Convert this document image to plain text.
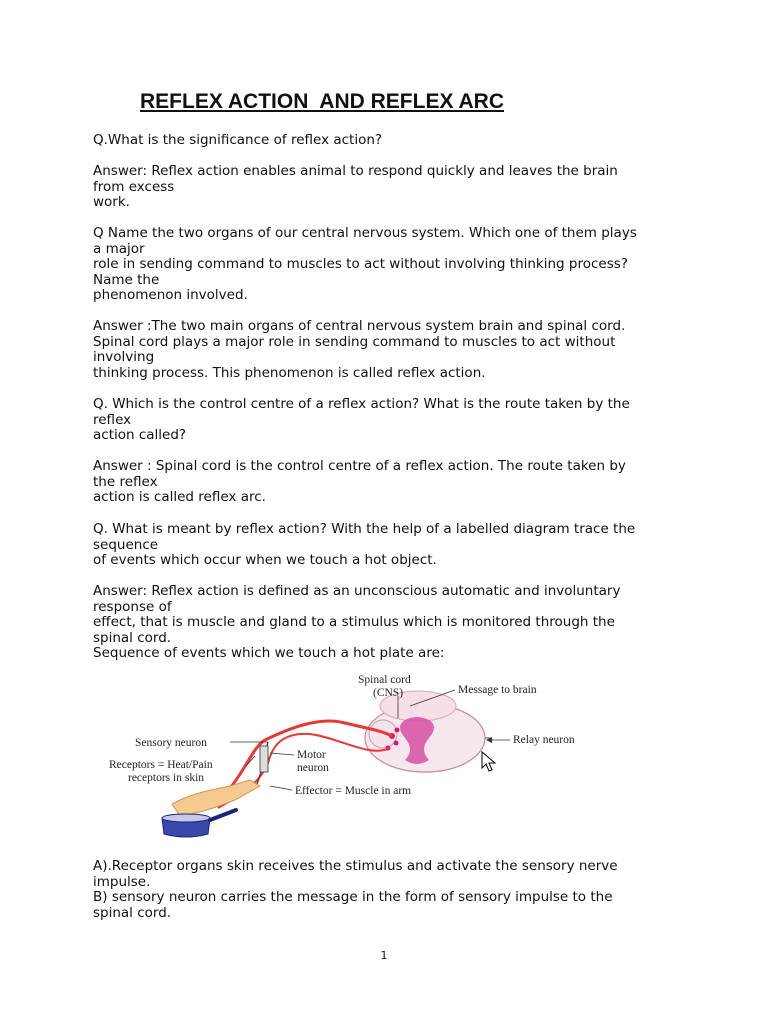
REFLEX ACTION  AND REFLEX ARC
Q.What is the significance of reflex action?
Answer: Reflex action enables animal to respond quickly and leaves the brain
from excess
work.
Q Name the two organs of our central nervous system. Which one of them plays
a major
role in sending command to muscles to act without involving thinking process?
Name the
phenomenon involved.
Answer :The two main organs of central nervous system brain and spinal cord.
Spinal cord plays a major role in sending command to muscles to act without
involving
thinking process. This phenomenon is called reflex action.
Q. Which is the control centre of a reflex action? What is the route taken by the
reflex
action called?
Answer : Spinal cord is the control centre of a reflex action. The route taken by
the reflex
action is called reflex arc.
Q. What is meant by reflex action? With the help of a labelled diagram trace the
sequence
of events which occur when we touch a hot object.
Answer: Reflex action is defined as an unconscious automatic and involuntary
response of
effect, that is muscle and gland to a stimulus which is monitored through the
spinal cord.
Sequence of events which we touch a hot plate are:
Spinal cord
(CNS)	Message to brain
Sensory neuron	Relay neuron
Receptors = Heat/Pain
receptors in skin
Motor
neuron
Effector = Muscle in arm
A).Receptor organs skin receives the stimulus and activate the sensory nerve
impulse.
B) sensory neuron carries the message in the form of sensory impulse to the
spinal cord.
1
